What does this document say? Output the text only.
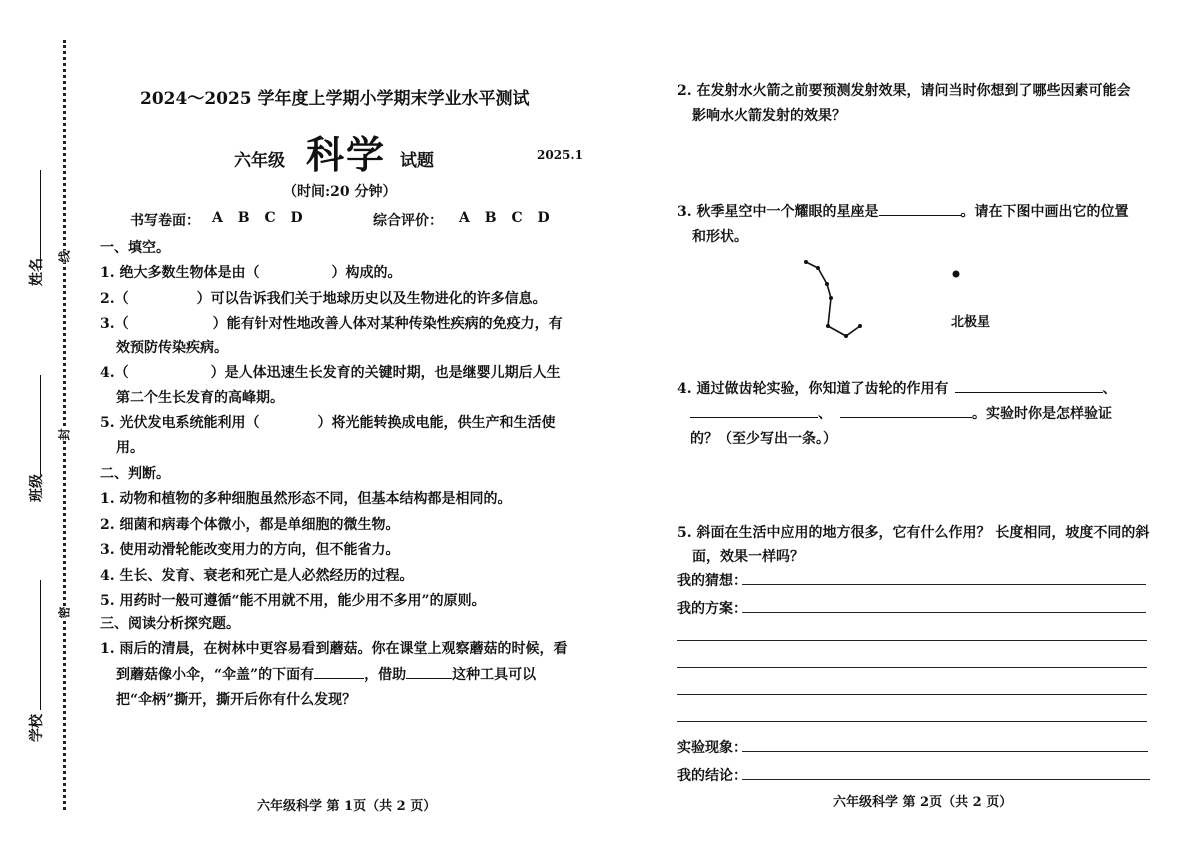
姓名
班级
学校
线
封
密
2024～2025 学年度上学期小学期末学业水平测试
六年级 科学 试题	2025.1
（时间:20 分钟）
书写卷面： A B C D	综合评价： A B C D
一、填空。
1. 绝大多数生物体是由（	）构成的。
2.（	）可以告诉我们关于地球历史以及生物进化的许多信息。
3.（	）能有针对性地改善人体对某种传染性疾病的免疫力，有
效预防传染疾病。
4.（	）是人体迅速生长发育的关键时期，也是继婴儿期后人生
第二个生长发育的高峰期。
5. 光伏发电系统能利用（	）将光能转换成电能，供生产和生活使
用。
二、判断。
1. 动物和植物的多种细胞虽然形态不同，但基本结构都是相同的。
2. 细菌和病毒个体微小，都是单细胞的微生物。
3. 使用动滑轮能改变用力的方向，但不能省力。
4. 生长、发育、衰老和死亡是人必然经历的过程。
5. 用药时一般可遵循“能不用就不用，能少用不多用”的原则。
三、阅读分析探究题。
1. 雨后的清晨，在树林中更容易看到蘑菇。你在课堂上观察蘑菇的时候，看
到蘑菇像小伞，“伞盖”的下面有	，借助	这种工具可以
把“伞柄”撕开，撕开后你有什么发现？
六年级科学 第 1页（共 2 页）
2. 在发射水火箭之前要预测发射效果，请问当时你想到了哪些因素可能会
影响水火箭发射的效果？
3. 秋季星空中一个耀眼的星座是	。请在下图中画出它的位置
和形状。
北极星
4. 通过做齿轮实验，你知道了齿轮的作用有	、
、	。实验时你是怎样验证
的？（至少写出一条。）
5. 斜面在生活中应用的地方很多，它有什么作用？ 长度相同，坡度不同的斜
面，效果一样吗？
我的猜想：
我的方案：
实验现象：
我的结论：
六年级科学 第 2页（共 2 页）
